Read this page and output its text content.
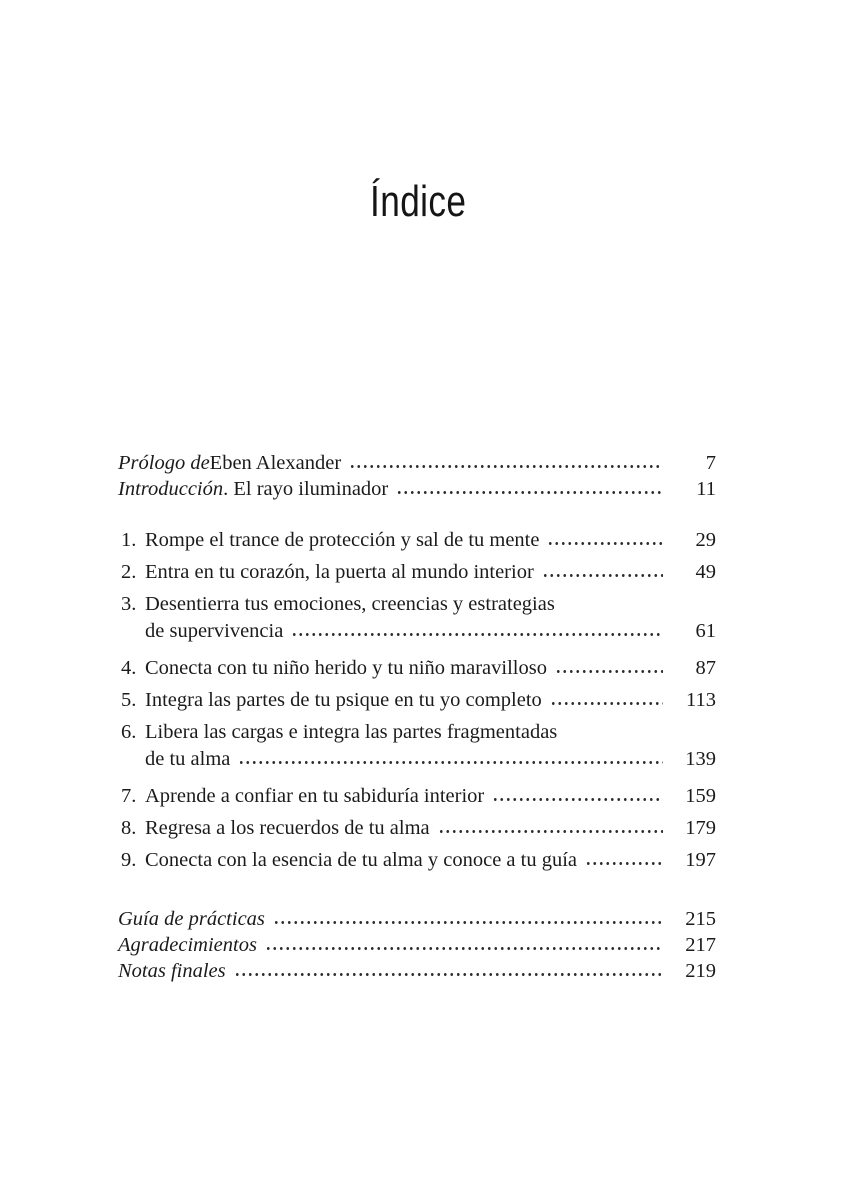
Índice
Prólogo de Eben Alexander	7
Introducción . El rayo iluminador	11
1. Rompe el trance de protección y sal de tu mente	29
2. Entra en tu corazón, la puerta al mundo interior	49
3. Desentierra tus emociones, creencias y estrategias
de supervivencia	61
4. Conecta con tu niño herido y tu niño maravilloso	87
5. Integra las partes de tu psique en tu yo completo	113
6. Libera las cargas e integra las partes fragmentadas
de tu alma	139
7. Aprende a confiar en tu sabiduría interior	159
8. Regresa a los recuerdos de tu alma	179
9. Conecta con la esencia de tu alma y conoce a tu guía	197
Guía de prácticas	215
Agradecimientos	217
Notas finales	219
